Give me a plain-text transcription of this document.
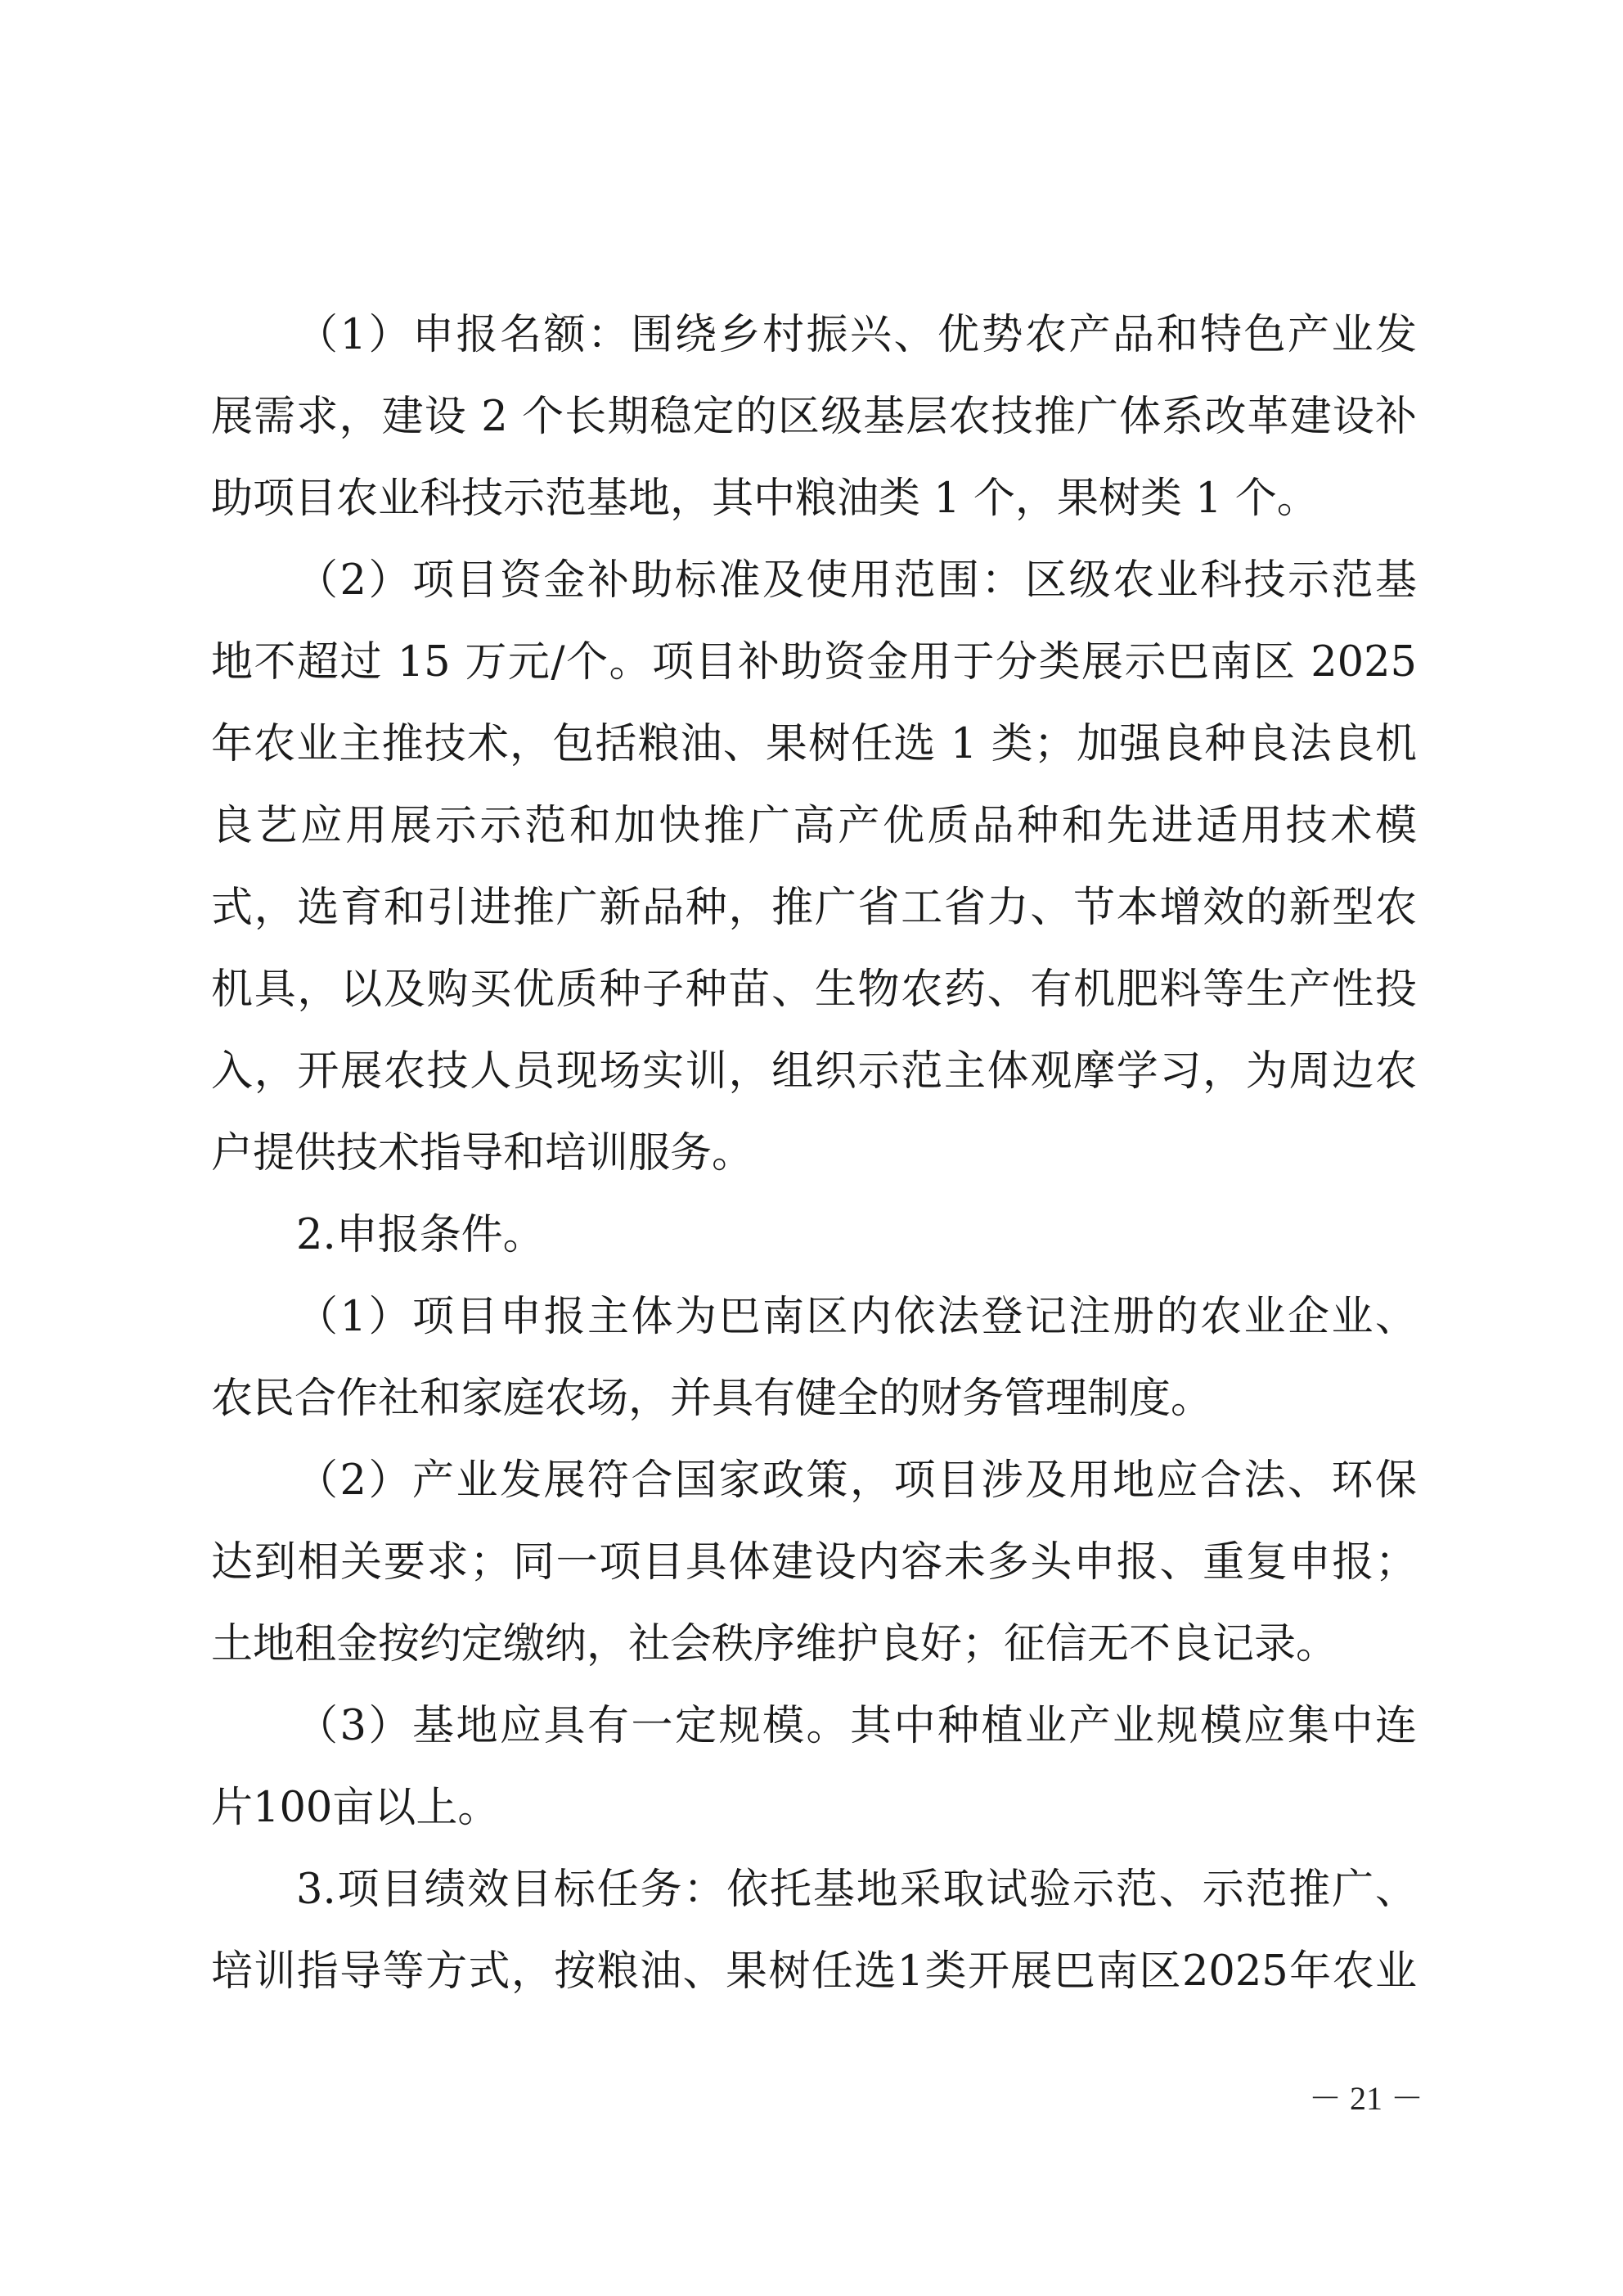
（1）申报名额：围绕乡村振兴、优势农产品和特色产业发
展需求，建设 2 个长期稳定的区级基层农技推广体系改革建设补
助项目农业科技示范基地，其中粮油类 1 个，果树类 1 个。
（2）项目资金补助标准及使用范围：区级农业科技示范基
地不超过 15 万元/个。项目补助资金用于分类展示巴南区 2025
年农业主推技术，包括粮油、果树任选 1 类；加强良种良法良机
良艺应用展示示范和加快推广高产优质品种和先进适用技术模
式，选育和引进推广新品种，推广省工省力、节本增效的新型农
机具，以及购买优质种子种苗、生物农药、有机肥料等生产性投
入，开展农技人员现场实训，组织示范主体观摩学习，为周边农
户提供技术指导和培训服务。
2.申报条件。
（1）项目申报主体为巴南区内依法登记注册的农业企业、
农民合作社和家庭农场，并具有健全的财务管理制度。
（2）产业发展符合国家政策，项目涉及用地应合法、环保
达到相关要求；同一项目具体建设内容未多头申报、重复申报；
土地租金按约定缴纳，社会秩序维护良好；征信无不良记录。
（3）基地应具有一定规模。其中种植业产业规模应集中连
片100亩以上。
3.项目绩效目标任务：依托基地采取试验示范、示范推广、
培训指导等方式，按粮油、果树任选1类开展巴南区2025年农业
－ 21 －
